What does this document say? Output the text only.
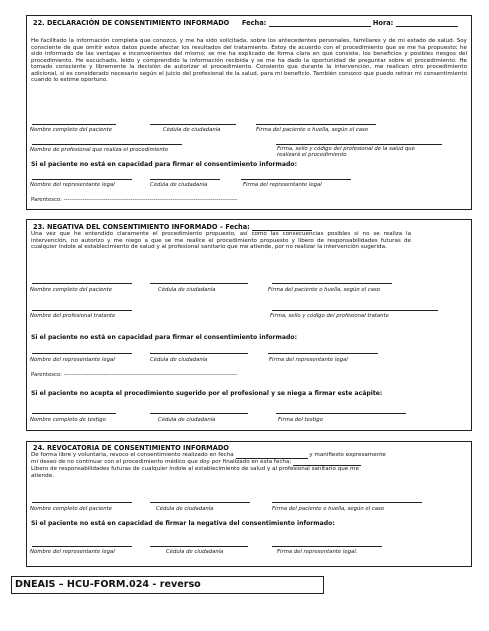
22. DECLARACIÓN DE CONSENTIMIENTO INFORMADO Fecha:	Hora:
He facilitado la información completa que conozco, y me ha sido solicitada, sobre los antecedentes personales, familiares y de mi estado de salud. Soy consciente de que omitir estos datos puede afectar los resultados del tratamiento. Estoy de acuerdo con el procedimiento que se me ha propuesto; he sido informado de las ventajas e inconvenientes del mismo; se me ha explicado de forma clara en qué consiste, los beneficios y posibles riesgos del procedimiento. He escuchado, leído y comprendido la información recibida y se me ha dado la oportunidad de preguntar sobre el procedimiento. He tomado consciente y libremente la decisión de autorizar el procedimiento. Consiento que durante la intervención, me realicen otro procedimiento adicional, si es considerado necesario según el juicio del profesional de la salud, para mi beneficio. También conozco que puedo retirar mi consentimiento cuando lo estime oportuno.
Nombre completo del paciente	Cédula de ciudadanía	Firma del paciente o huella, según el caso
Nombre de profesional que realiza el procedimiento	Firma, sello y código del profesional de la salud que
realizará el procedimiento
Si el paciente no está en capacidad para firmar el consentimiento informado:
Nombre del representante legal	Cédula de ciudadanía	Firma del representante legal
Parentesco: -------------------------------------------------------------------------------------------
23. NEGATIVA DEL CONSENTIMIENTO INFORMADO – Fecha:
Una vez que he entendido claramente el procedimiento propuesto, así como las consecuencias posibles si no se realiza la intervención, no autorizo y me niego a que se me realice el procedimiento propuesto y libero de responsabilidades futuras de cualquier índole al establecimiento de salud y al profesional sanitario que me atiende, por no realizar la intervención sugerida.
Nombre completo del paciente	Cédula de ciudadanía	Firma del paciente o huella, según el caso
Nombre del profesional tratante	Firma, sello y código del profesional tratante
Si el paciente no está en capacidad para firmar el consentimiento informado:
Nombre del representante legal	Cédula de ciudadanía	Firma del representante legal
Parentesco: -------------------------------------------------------------------------------------------
Si el paciente no acepta el procedimiento sugerido por el profesional y se niega a firmar este acápite:
Nombre completo de testigo	Cédula de ciudadanía	Firma del testigo
24. REVOCATORIA DE CONSENTIMIENTO INFORMADO
De forma libre y voluntaria, revoco el consentimiento realizado en fecha	y manifiesto expresamente
mi deseo de no continuar con el procedimiento médico que doy por finalizado en esta fecha:
Libero de responsabilidades futuras de cualquier índole al establecimiento de salud y al profesional sanitario que me
atiende.
Nombre completo del paciente	Cédula de ciudadanía	Firma del paciente o huella, según el caso
Si el paciente no está en capacidad de firmar la negativa del consentimiento informado:
Nombre del representante legal	Cédula de ciudadanía	Firma del representante legal.
DNEAIS – HCU-FORM.024 - reverso
